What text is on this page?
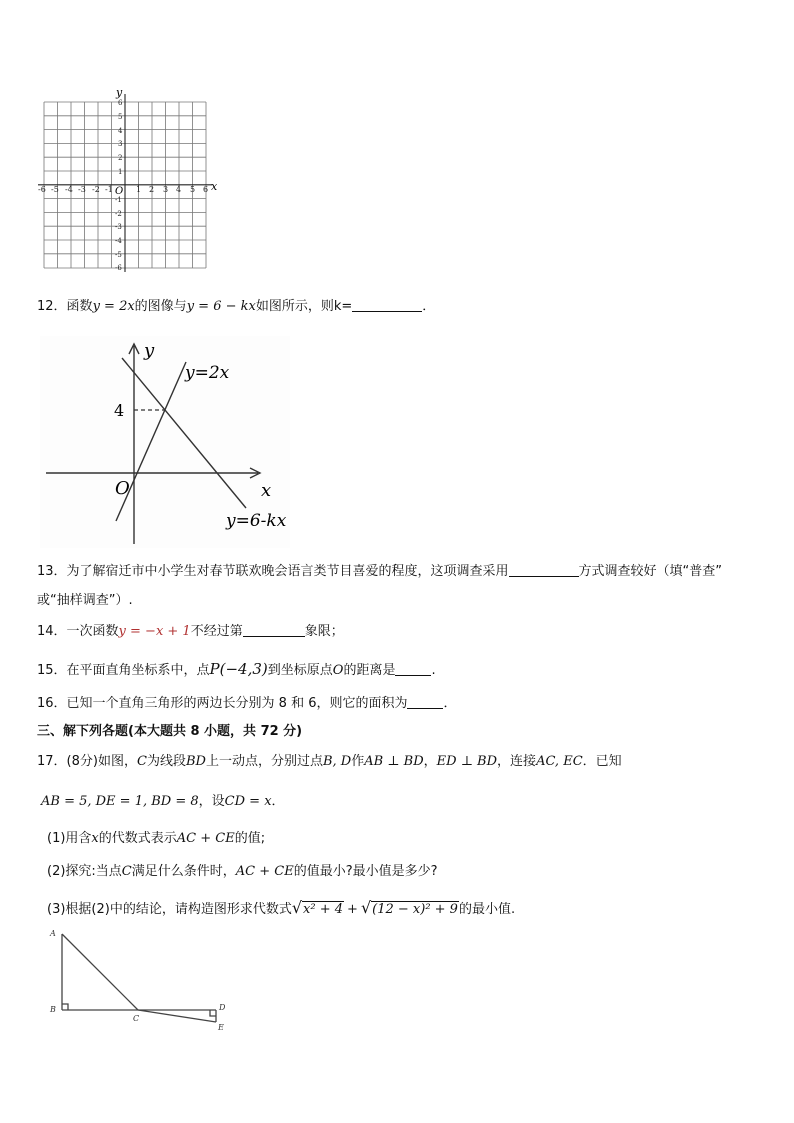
y
x
O
-6 -5 -4 -3 -2 -1	1 2 3 4 5 6
6
5
4
3
2
1
-1
-2
-3
-4
-5
-6
12．函数y = 2x的图像与y = 6 − kx如图所示，则k=	．
y
x
O
4
y=2x
y=6-kx
13．为了解宿迁市中小学生对春节联欢晚会语言类节目喜爱的程度，这项调查采用	方式调查较好（填“普查”
或“抽样调查”）.
14．一次函数y = −x + 1不经过第	象限；
15．在平面直角坐标系中，点P(−4,3)到坐标原点O的距离是	.
16．已知一个直角三角形的两边长分别为 8 和 6，则它的面积为	．
三、解下列各题(本大题共 8 小题，共 72 分)
17．(8分)如图，C为线段BD上一动点，分别过点B, D作AB ⊥ BD，ED ⊥ BD，连接AC, EC．已知
AB = 5, DE = 1, BD = 8，设CD = x．
(1)用含x的代数式表示AC + CE的值;
(2)探究:当点C满足什么条件时，AC + CE的值最小?最小值是多少?
(3)根据(2)中的结论，请构造图形求代数式√x² + 4 + √(12 − x)² + 9的最小值.
A
B
C
D
E
